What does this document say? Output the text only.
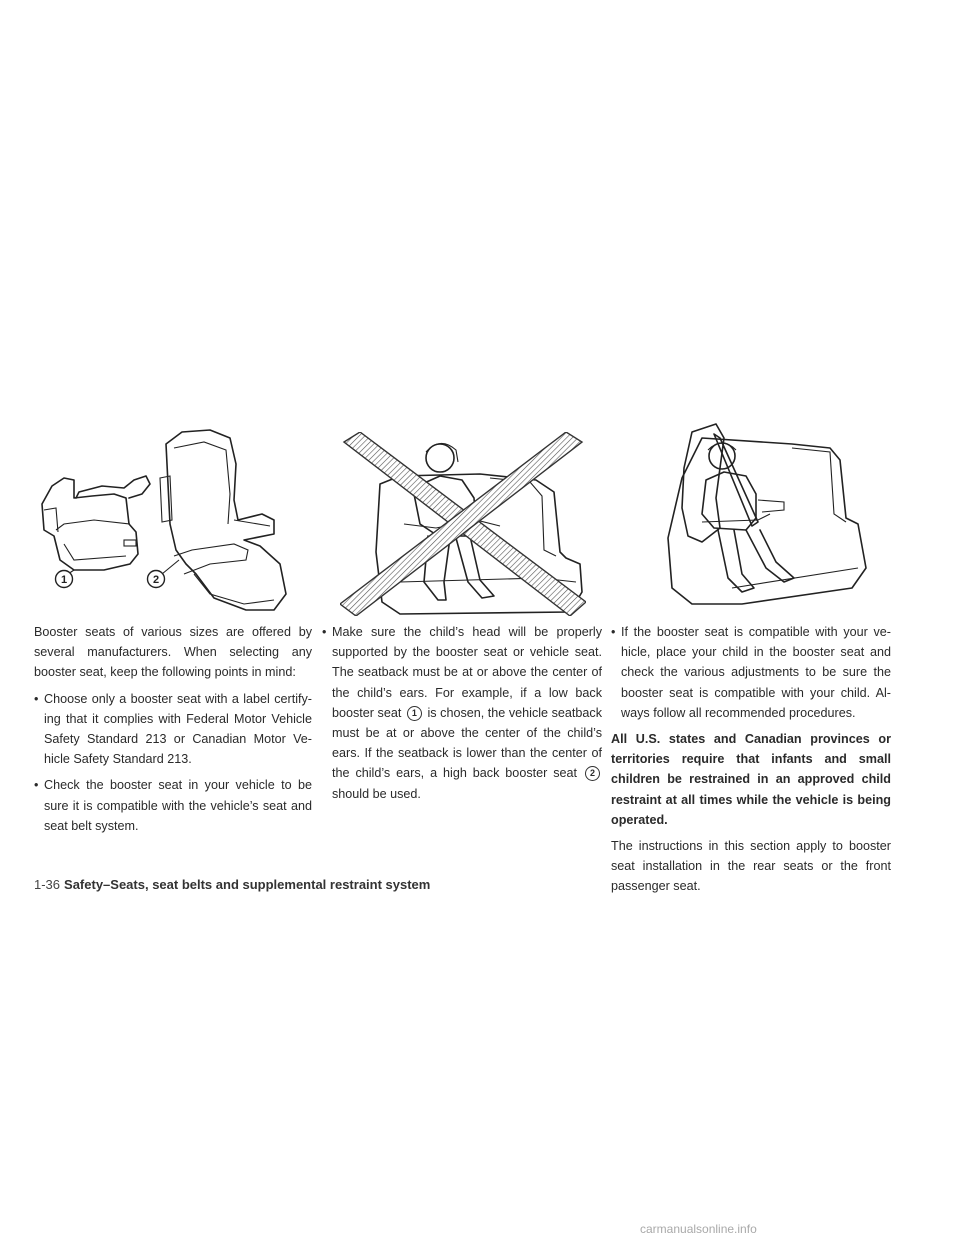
1	2

Booster seats of various sizes are offered by several manufacturers. When selecting any booster seat, keep the following points in mind:

• Choose only a booster seat with a label certify-ing that it complies with Federal Motor Vehicle Safety Standard 213 or Canadian Motor Ve-hicle Safety Standard 213.
• Check the booster seat in your vehicle to be sure it is compatible with the vehicle’s seat and seat belt system.
• Make sure the child’s head will be properly supported by the booster seat or vehicle seat. The seatback must be at or above the center of the child’s ears. For example, if a low back booster seat 1 is chosen, the vehicle seatback must be at or above the center of the child’s ears. If the seatback is lower than the center of the child’s ears, a high back booster seat 2 should be used.
• If the booster seat is compatible with your ve-hicle, place your child in the booster seat and check the various adjustments to be sure the booster seat is compatible with your child. Al-ways follow all recommended procedures.

All U.S. states and Canadian provinces or territories require that infants and small children be restrained in an approved child restraint at all times while the vehicle is being operated.

The instructions in this section apply to booster seat installation in the rear seats or the front passenger seat.

1-36 Safety–Seats, seat belts and supplemental restraint system
carmanualsonline.info
